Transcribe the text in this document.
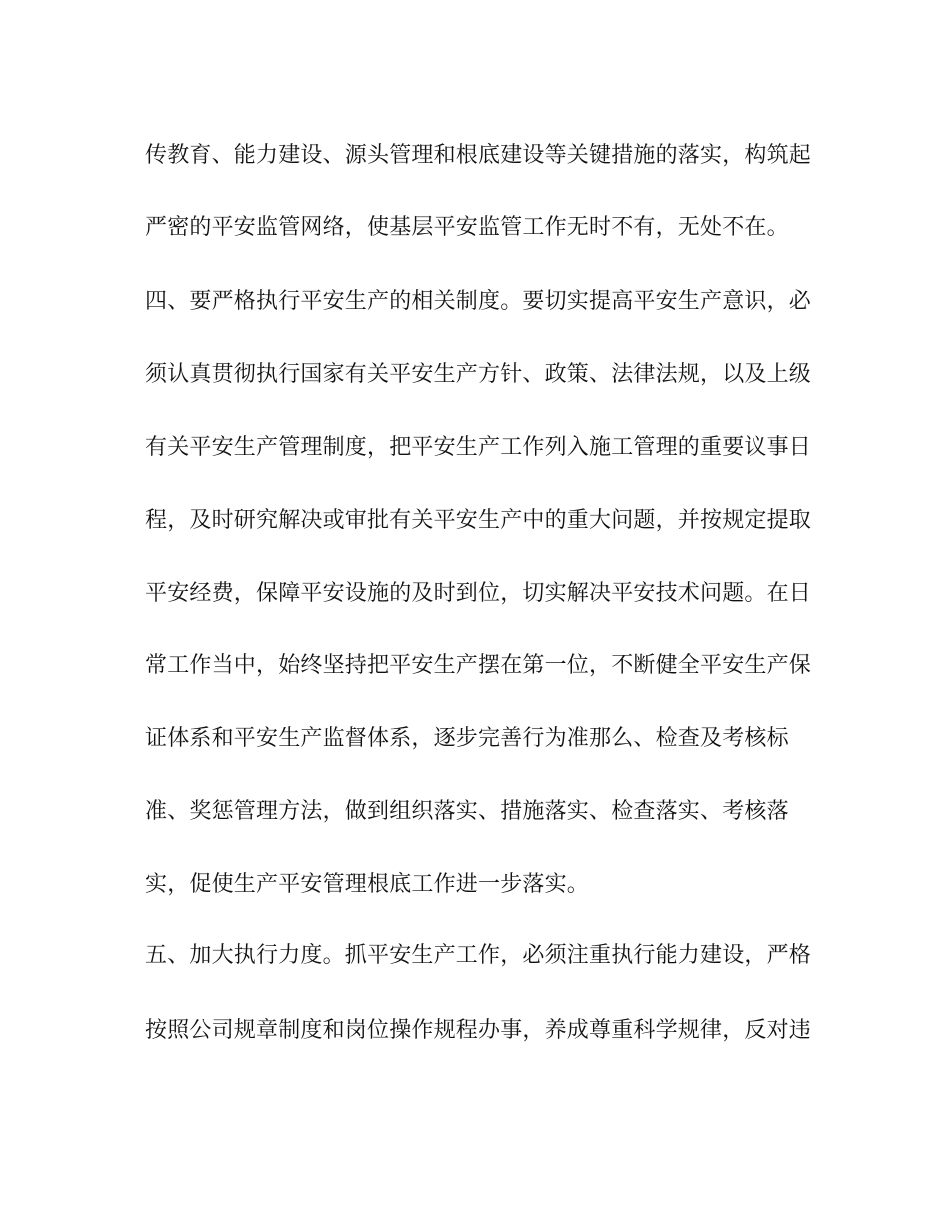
传教育、能力建设、源头管理和根底建设等关键措施的落实，构筑起

严密的平安监管网络，使基层平安监管工作无时不有，无处不在。

四、要严格执行平安生产的相关制度。要切实提高平安生产意识，必

须认真贯彻执行国家有关平安生产方针、政策、法律法规，以及上级

有关平安生产管理制度，把平安生产工作列入施工管理的重要议事日

程，及时研究解决或审批有关平安生产中的重大问题，并按规定提取

平安经费，保障平安设施的及时到位，切实解决平安技术问题。在日

常工作当中，始终坚持把平安生产摆在第一位，不断健全平安生产保

证体系和平安生产监督体系，逐步完善行为准那么、检查及考核标

准、奖惩管理方法，做到组织落实、措施落实、检查落实、考核落

实，促使生产平安管理根底工作进一步落实。

五、加大执行力度。抓平安生产工作，必须注重执行能力建设，严格

按照公司规章制度和岗位操作规程办事，养成尊重科学规律，反对违
